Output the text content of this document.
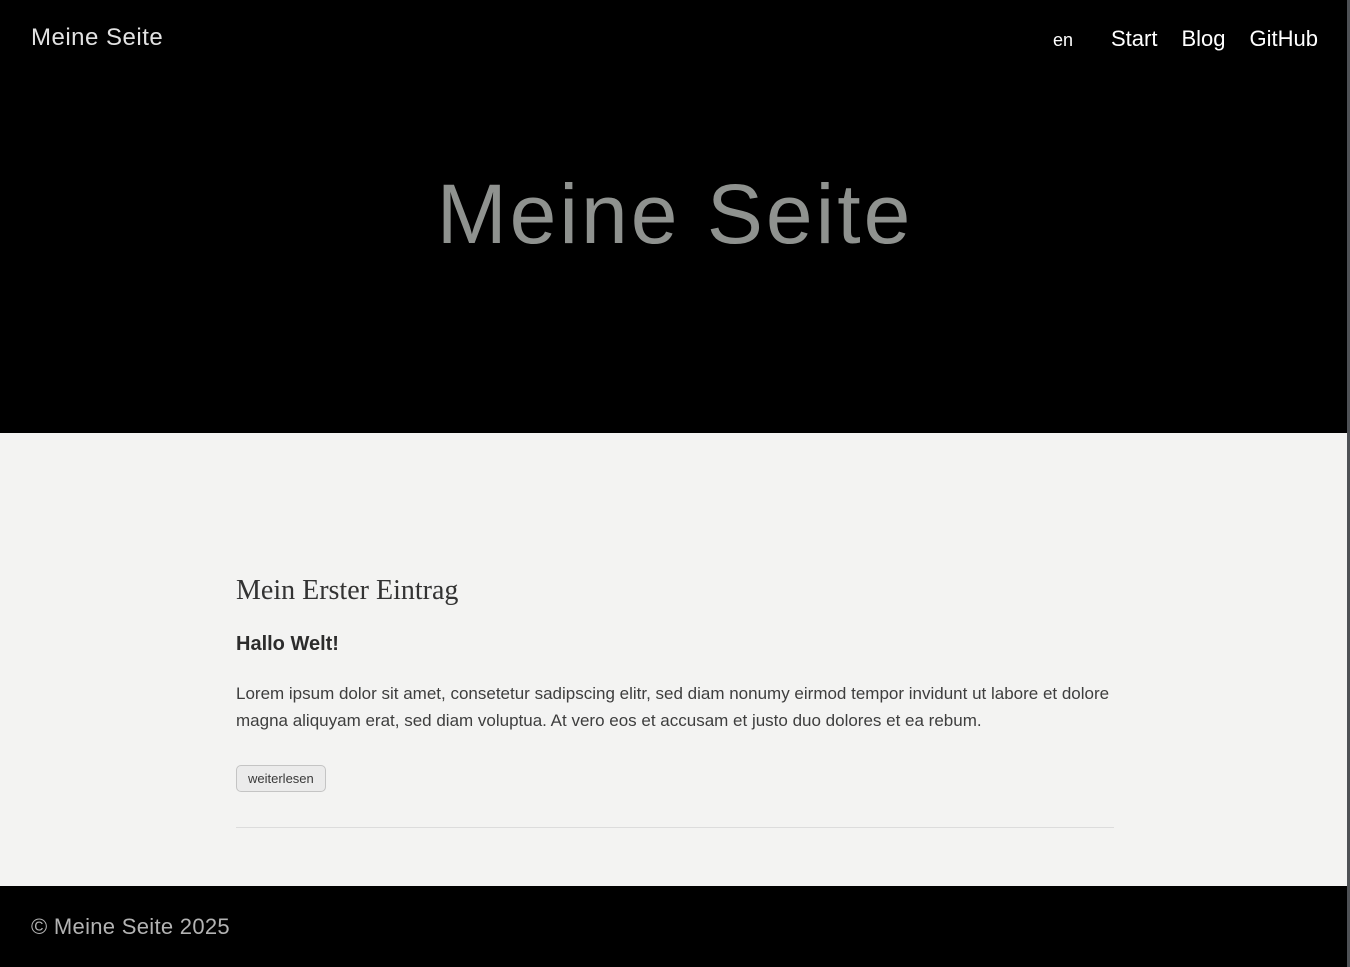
Meine Seite	en Start Blog GitHub
Meine Seite
Mein Erster Eintrag
Hallo Welt!

Lorem ipsum dolor sit amet, consetetur sadipscing elitr, sed diam nonumy eirmod tempor invidunt ut labore et dolore magna aliquyam erat, sed diam voluptua. At vero eos et accusam et justo duo dolores et ea rebum.

weiterlesen
© Meine Seite 2025
